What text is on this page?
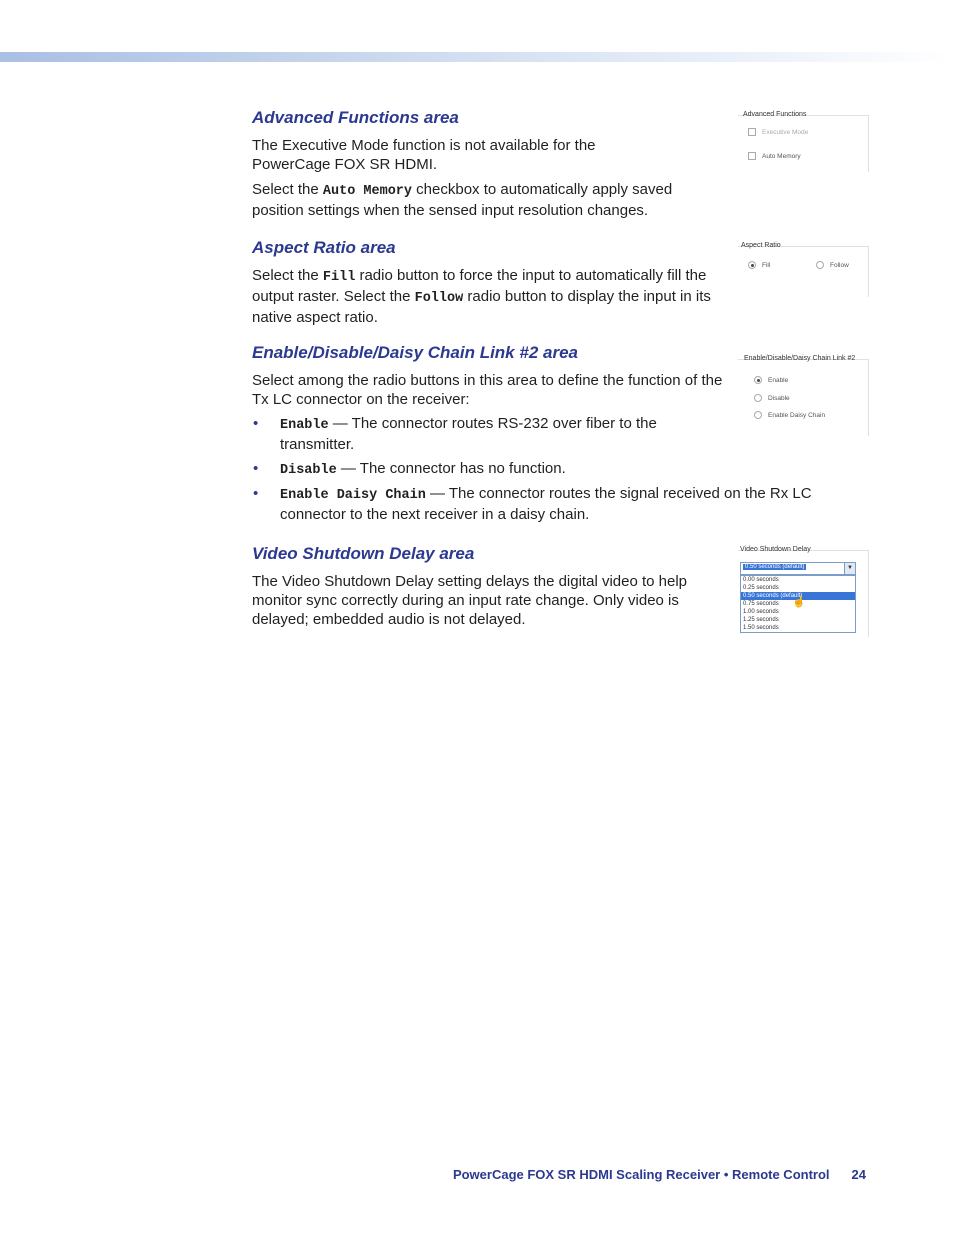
Advanced Functions area

The Executive Mode function is not available for the
PowerCage FOX SR HDMI.

Select the Auto Memory checkbox to automatically apply saved
position settings when the sensed input resolution changes.

Advanced Functions
Executive Mode
Auto Memory
Aspect Ratio area

Select the Fill radio button to force the input to automatically fill the
output raster. Select the Follow radio button to display the input in its
native aspect ratio.

Aspect Ratio
Fill	Follow
Enable/Disable/Daisy Chain Link #2 area

Select among the radio buttons in this area to define the function of the
Tx LC connector on the receiver:

• Enable — The connector routes RS-232 over fiber to the
transmitter.
• Disable — The connector has no function.
• Enable Daisy Chain — The connector routes the signal received on the Rx LC
connector to the next receiver in a daisy chain.
Enable/Disable/Daisy Chain Link #2
Enable
Disable
Enable Daisy Chain
Video Shutdown Delay area

The Video Shutdown Delay setting delays the digital video to help
monitor sync correctly during an input rate change. Only video is
delayed; embedded audio is not delayed.

Video Shutdown Delay
0.50 seconds (default)	▼
0.00 seconds
0.25 seconds
0.50 seconds (default)
0.75 seconds
1.00 seconds
1.25 seconds
1.50 seconds
☝
PowerCage FOX SR HDMI Scaling Receiver • Remote Control 24
